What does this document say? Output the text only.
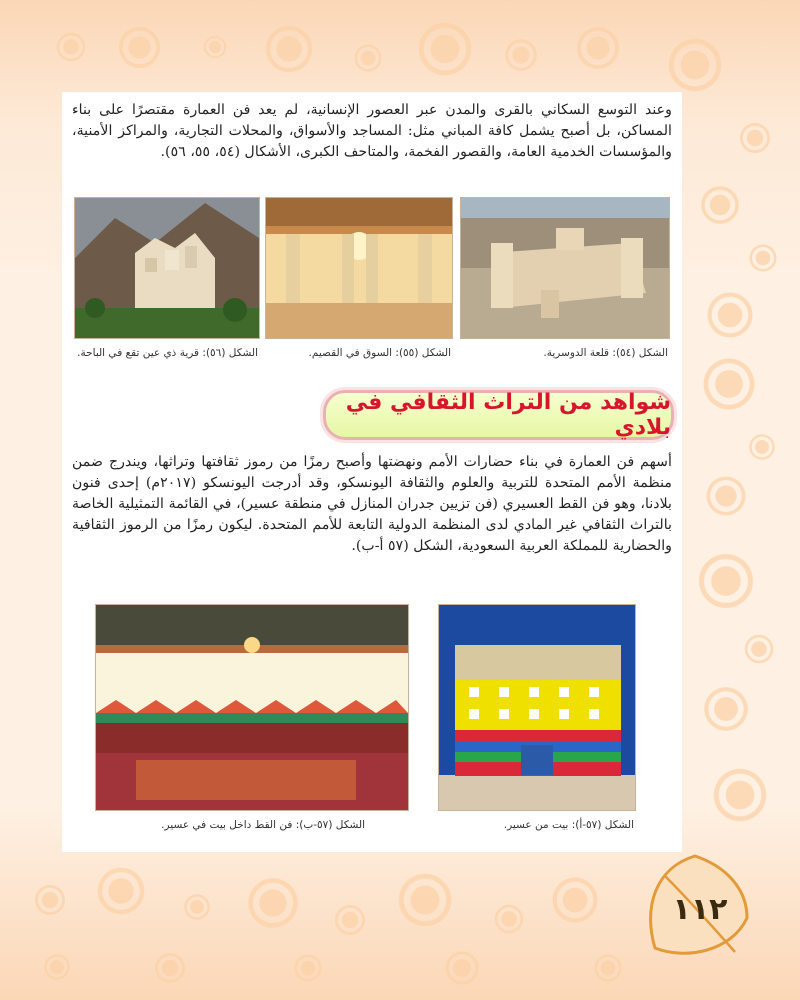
وعند التوسع السكاني بالقرى والمدن عبر العصور الإنسانية، لم يعد فن العمارة مقتصرًا على بناء المساكن، بل أصبح يشمل كافة المباني مثل: المساجد والأسواق، والمحلات التجارية، والمراكز الأمنية، والمؤسسات الخدمية العامة، والقصور الفخمة، والمتاحف الكبرى، الأشكال (٥٤، ٥٥، ٥٦).

الشكل (٥٦): قرية ذي عين تقع في الباحة.	الشكل (٥٥): السوق في القصيم.	الشكل (٥٤): قلعة الدوسرية.

شواهد من التراث الثقافي في بلادي

أسهم فن العمارة في بناء حضارات الأمم ونهضتها وأصبح رمزًا من رموز ثقافتها وتراثها، ويندرج ضمن منظمة الأمم المتحدة للتربية والعلوم والثقافة اليونسكو، وقد أدرجت اليونسكو (٢٠١٧م) إحدى فنون بلادنا، وهو فن القط العسيري (فن تزيين جدران المنازل في منطقة عسير)، في القائمة التمثيلية الخاصة بالتراث الثقافي غير المادي لدى المنظمة الدولية التابعة للأمم المتحدة. ليكون رمزًا من الرموز الثقافية والحضارية للمملكة العربية السعودية، الشكل (٥٧ أ-ب).

الشكل (٥٧-ب): فن القط داخل بيت في عسير.	الشكل (٥٧-أ): بيت من عسير.

١١٢
